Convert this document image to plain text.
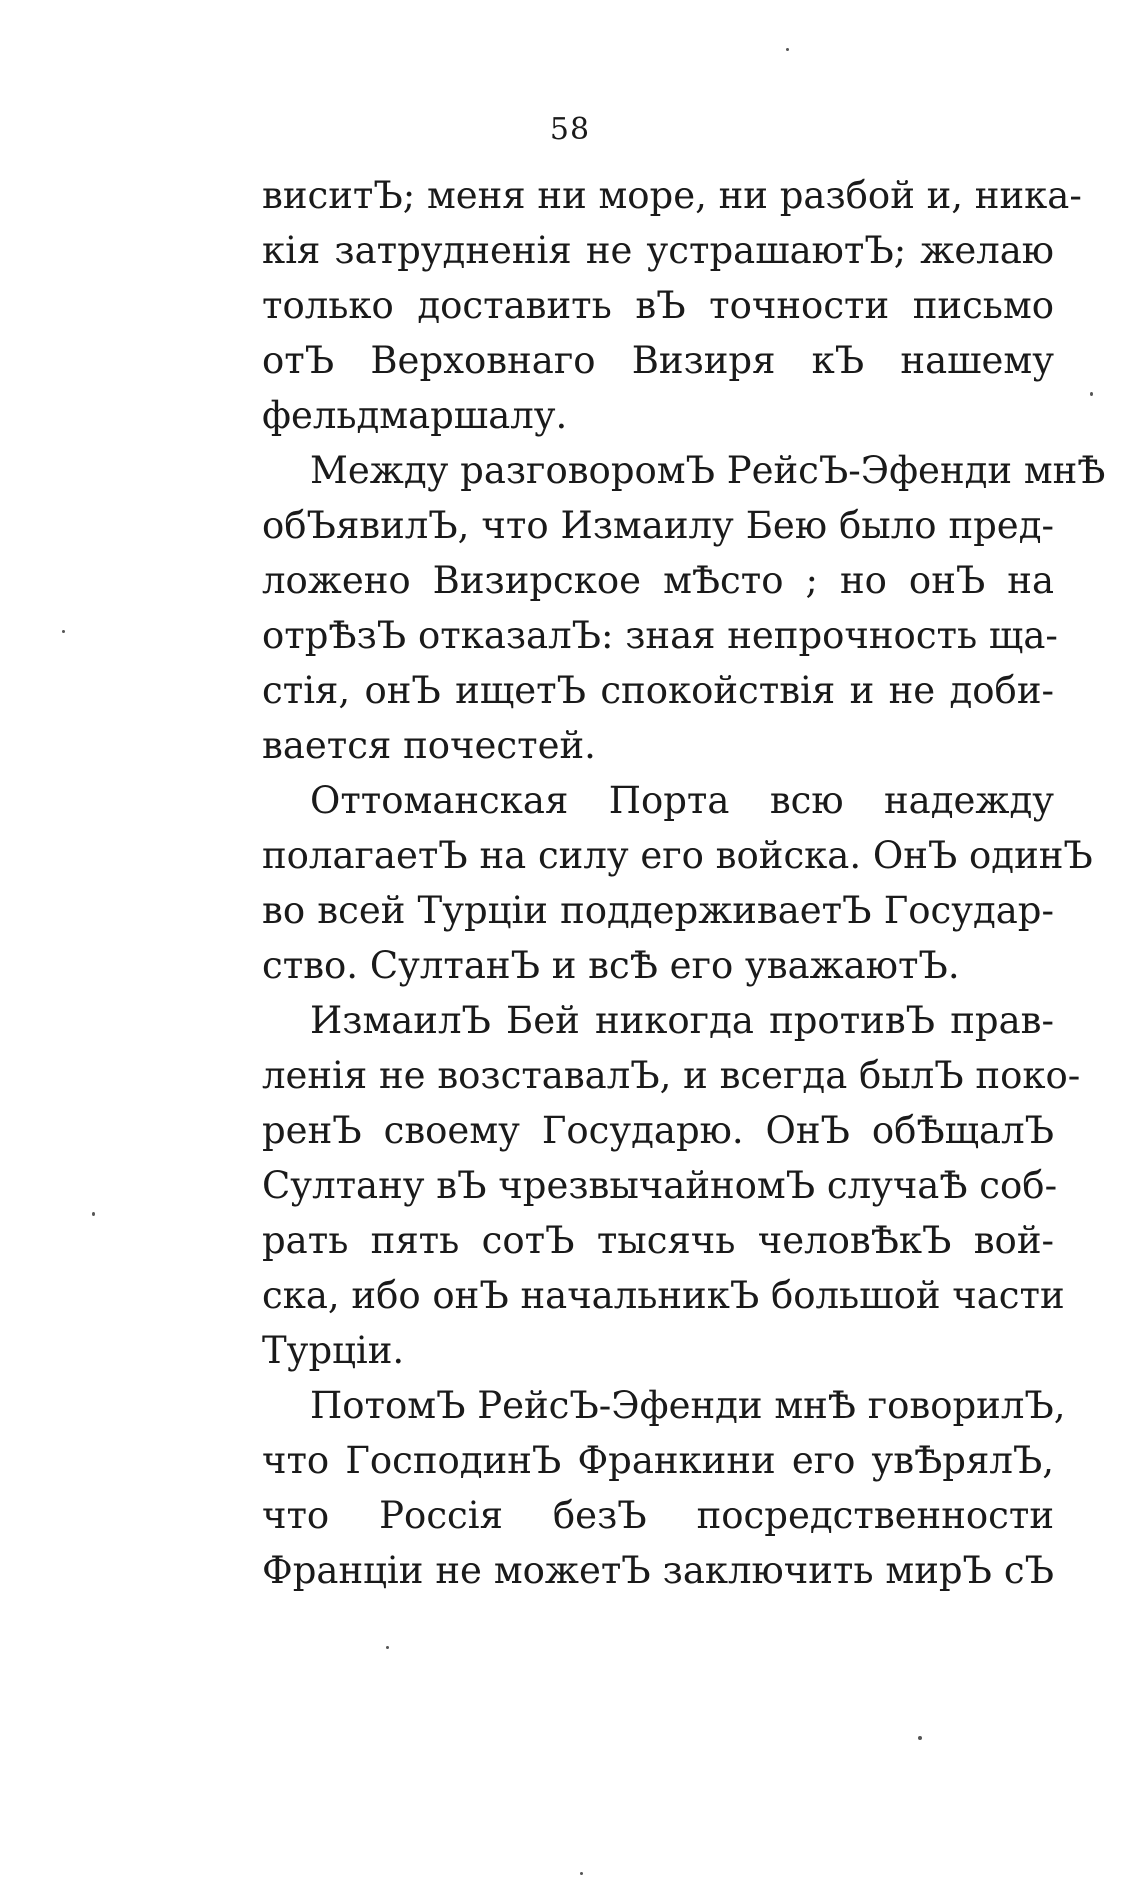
58
виситЪ; меня ни море, ни разбой и, ника-
кія затрудненія не устрашаютЪ; желаю
только доставить вЪ точности письмо
отЪ Верховнаго Визиря кЪ нашему
фельдмаршалу.
Между разговоромЪ РейсЪ-Эфенди мнѢ
обЪявилЪ, что Измаилу Бею было пред-
ложено Визирское мѢсто ; но онЪ на
отрѢзЪ отказалЪ: зная непрочность ща-
стія, онЪ ищетЪ спокойствія и не доби-
вается почестей.
Оттоманская Порта всю надежду
полагаетЪ на силу его войска. ОнЪ одинЪ
во всей Турціи поддерживаетЪ Государ-
ство. СултанЪ и всѢ его уважаютЪ.
ИзмаилЪ Бей никогда противЪ прав-
ленія не возставалЪ, и всегда былЪ поко-
ренЪ своему Государю. ОнЪ обѢщалЪ
Султану вЪ чрезвычайномЪ случаѢ соб-
рать пять сотЪ тысячь человѢкЪ вой-
ска, ибо онЪ начальникЪ большой части
Турціи.
ПотомЪ РейсЪ-Эфенди мнѢ говорилЪ,
что ГосподинЪ Франкини его увѢрялЪ,
что Россія безЪ посредственности
Франціи не можетЪ заключить мирЪ сЪ
